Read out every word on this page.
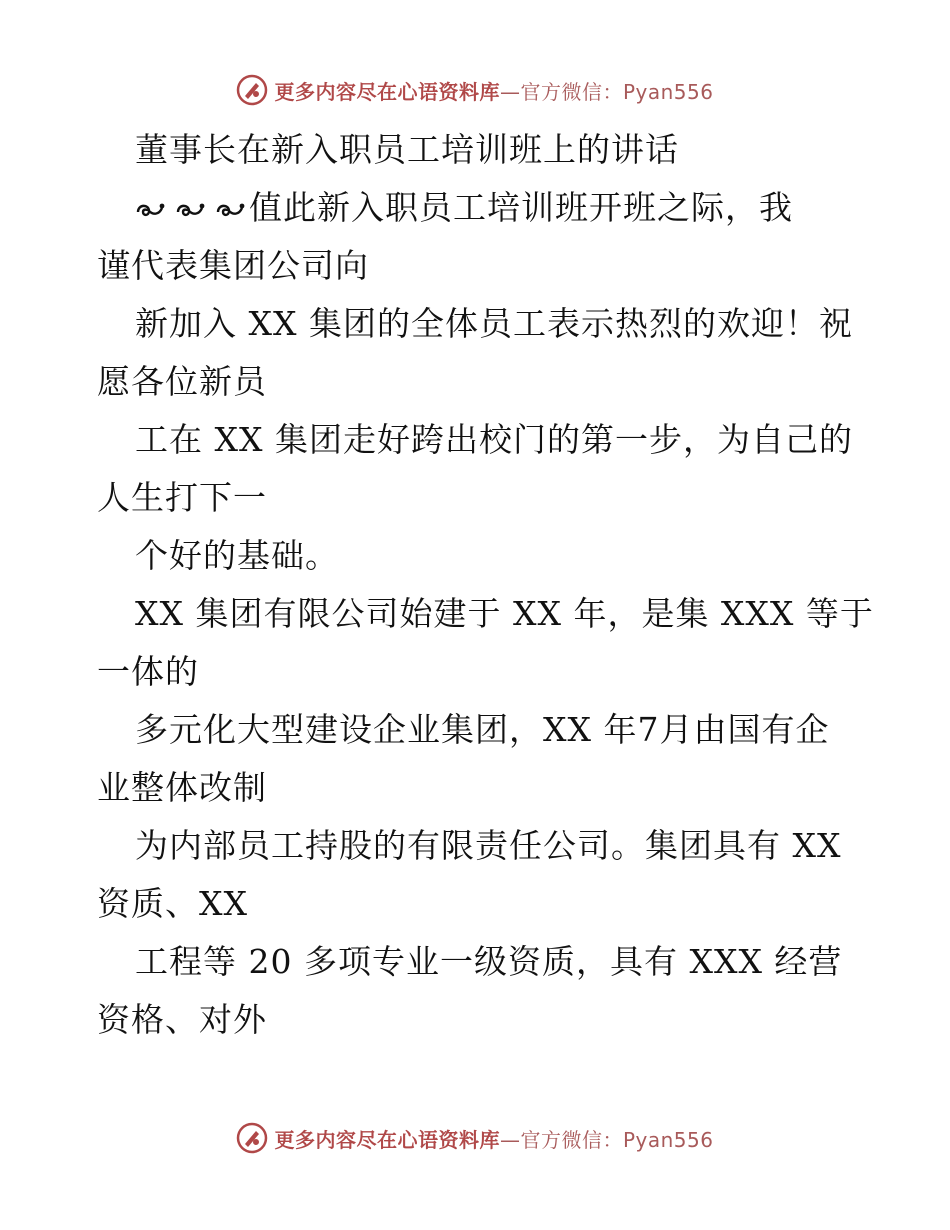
更多内容尽在心语资料库—官方微信：Pyan556
董事长在新入职员工培训班上的讲话
值此新入职员工培训班开班之际，我
谨代表集团公司向
新加入 XX 集团的全体员工表示热烈的欢迎！祝
愿各位新员
工在 XX 集团走好跨出校门的第一步，为自己的
人生打下一
个好的基础。
XX 集团有限公司始建于 XX 年，是集 XXX 等于
一体的
多元化大型建设企业集团，XX 年7月由国有企
业整体改制
为内部员工持股的有限责任公司。集团具有 XX
资质、XX
工程等 20 多项专业一级资质，具有 XXX 经营
资格、对外
更多内容尽在心语资料库—官方微信：Pyan556
